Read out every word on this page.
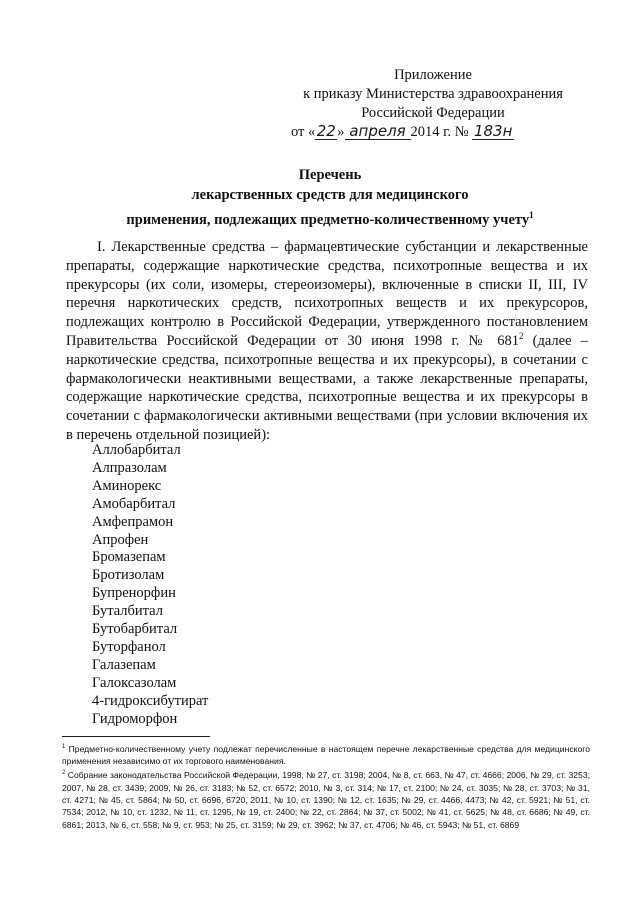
Приложение
к приказу Министерства здравоохранения
Российской Федерации
от «22» апреля 2014 г. № 183н
Перечень
лекарственных средств для медицинского
применения, подлежащих предметно-количественному учету$^1$

I. Лекарственные средства – фармацевтические субстанции и лекарственные препараты, содержащие наркотические средства, психотропные вещества и их прекурсоры (их соли, изомеры, стереоизомеры), включенные в списки II, III, IV перечня наркотических средств, психотропных веществ и их прекурсоров, подлежащих контролю в Российской Федерации, утвержденного постановлением Правительства Российской Федерации от 30 июня 1998 г. № $681^2$ (далее – наркотические средства, психотропные вещества и их прекурсоры), в сочетании с фармакологически неактивными веществами, а также лекарственные препараты, содержащие наркотические средства, психотропные вещества и их прекурсоры в сочетании с фармакологически активными веществами (при условии включения их в перечень отдельной позицией):

Аллобарбитал
Алпразолам
Аминорекс
Амобарбитал
Амфепрамон
Апрофен
Бромазепам
Бротизолам
Бупренорфин
Буталбитал
Бутобарбитал
Буторфанол
Галазепам
Галоксазолам
4-гидроксибутират
Гидроморфон

$^1$ Предметно-количественному учету подлежат перечисленные в настоящем перечне лекарственные средства для медицинского применения независимо от их торгового наименования.

$^2$ Собрание законодательства Российской Федерации, 1998, № 27, ст. 3198; 2004, № 8, ст. 663, № 47, ст. 4666; 2006, № 29, ст. 3253; 2007, № 28, ст. 3439; 2009, № 26, ст. 3183; № 52, ст. 6572; 2010, № 3, ст. 314; № 17, ст. 2100; № 24, ст. 3035; № 28, ст. 3703; № 31, ст. 4271; № 45, ст. 5864; № 50, ст. 6696, 6720, 2011, № 10, ст. 1390; № 12, ст. 1635; № 29, ст. 4466, 4473; № 42, ст. 5921; № 51, ст. 7534; 2012, № 10, ст. 1232, № 11, ст. 1295, № 19, ст. 2400; № 22, ст. 2864; № 37, ст. 5002; № 41, ст. 5625; № 48, ст. 6686; № 49, ст. 6861; 2013, № 6, ст. 558; № 9, ст. 953; № 25, ст. 3159; № 29, ст. 3962; № 37, ст. 4706; № 46, ст. 5943; № 51, ст. 6869
